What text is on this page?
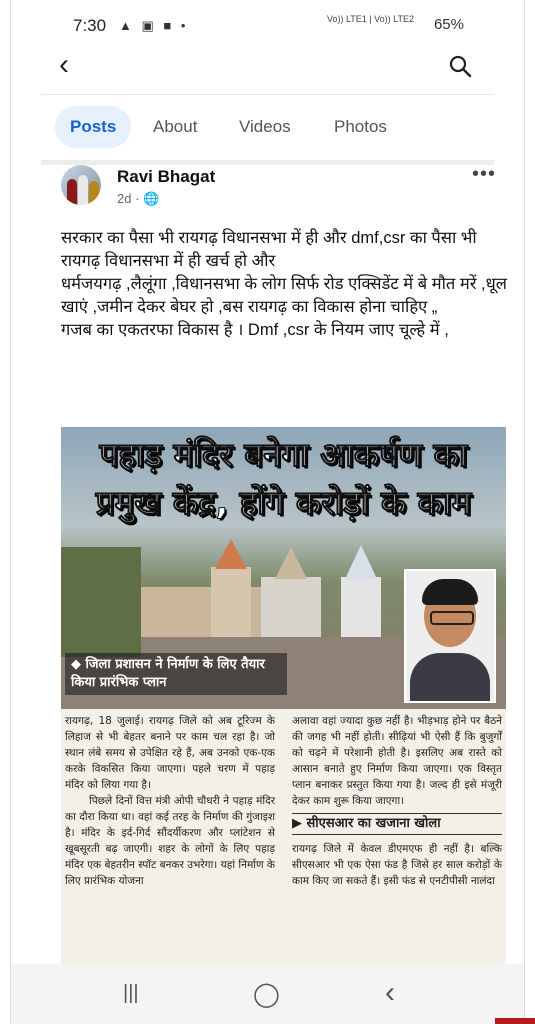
7:30 ▲ ▣ ■ •	Vo)) LTE1 | Vo)) LTE2 65%
‹
Posts	About Videos	Photos
Ravi Bhagat
2d · 🌐
•••
सरकार का पैसा भी रायगढ़ विधानसभा में ही और dmf,csr का पैसा भी रायगढ़ विधानसभा में ही खर्च हो और
धर्मजयगढ़ ,लैलूंगा ,विधानसभा के लोग सिर्फ रोड एक्सिडेंट में बे मौत मरें ,धूल खाएं ,जमीन देकर बेघर हो ,बस रायगढ़ का विकास होना चाहिए „
गजब का एकतरफा विकास है । Dmf ,csr के नियम जाए चूल्हे में ,
पहाड़ मंदिर बनेगा आकर्षण का
प्रमुख केंद्र, होंगे करोड़ों के काम
◆ जिला प्रशासन ने निर्माण के लिए तैयार किया प्रारंभिक प्लान
रायगढ़, 18 जुलाई। रायगढ़ जिले को अब टूरिज्म के लिहाज से भी बेहतर बनाने पर काम चल रहा है। जो स्थान लंबे समय से उपेक्षित रहे हैं, अब उनको एक-एक करके विकसित किया जाएगा। पहले चरण में पहाड़ मंदिर को लिया गया है।
पिछले दिनों वित्त मंत्री ओपी चौधरी ने पहाड़ मंदिर का दौरा किया था। वहां कई तरह के निर्माण की गुंजाइश है। मंदिर के इर्द-गिर्द सौंदर्यीकरण और प्लांटेशन से खूबसूरती बढ़ जाएगी। शहर के लोगों के लिए पहाड़ मंदिर एक बेहतरीन स्पॉट बनकर उभरेगा। यहां निर्माण के लिए प्रारंभिक योजना
अलावा वहां ज्यादा कुछ नहीं है। भीड़भाड़ होने पर बैठने की जगह भी नहीं होती। सीढ़ियां भी ऐसी हैं कि बुजुर्गों को चढ़ने में परेशानी होती है। इसलिए अब रास्ते को आसान बनाते हुए निर्माण किया जाएगा। एक विस्तृत प्लान बनाकर प्रस्तुत किया गया है। जल्द ही इसे मंजूरी देकर काम शुरू किया जाएगा।
▶ सीएसआर का खजाना खोला
रायगढ़ जिले में केवल डीएमएफ ही नहीं है। बल्कि सीएसआर भी एक ऐसा फंड है जिसे हर साल करोड़ों के काम किए जा सकते हैं। इसी फंड से एनटीपीसी नालंदा
|||	◯	‹
